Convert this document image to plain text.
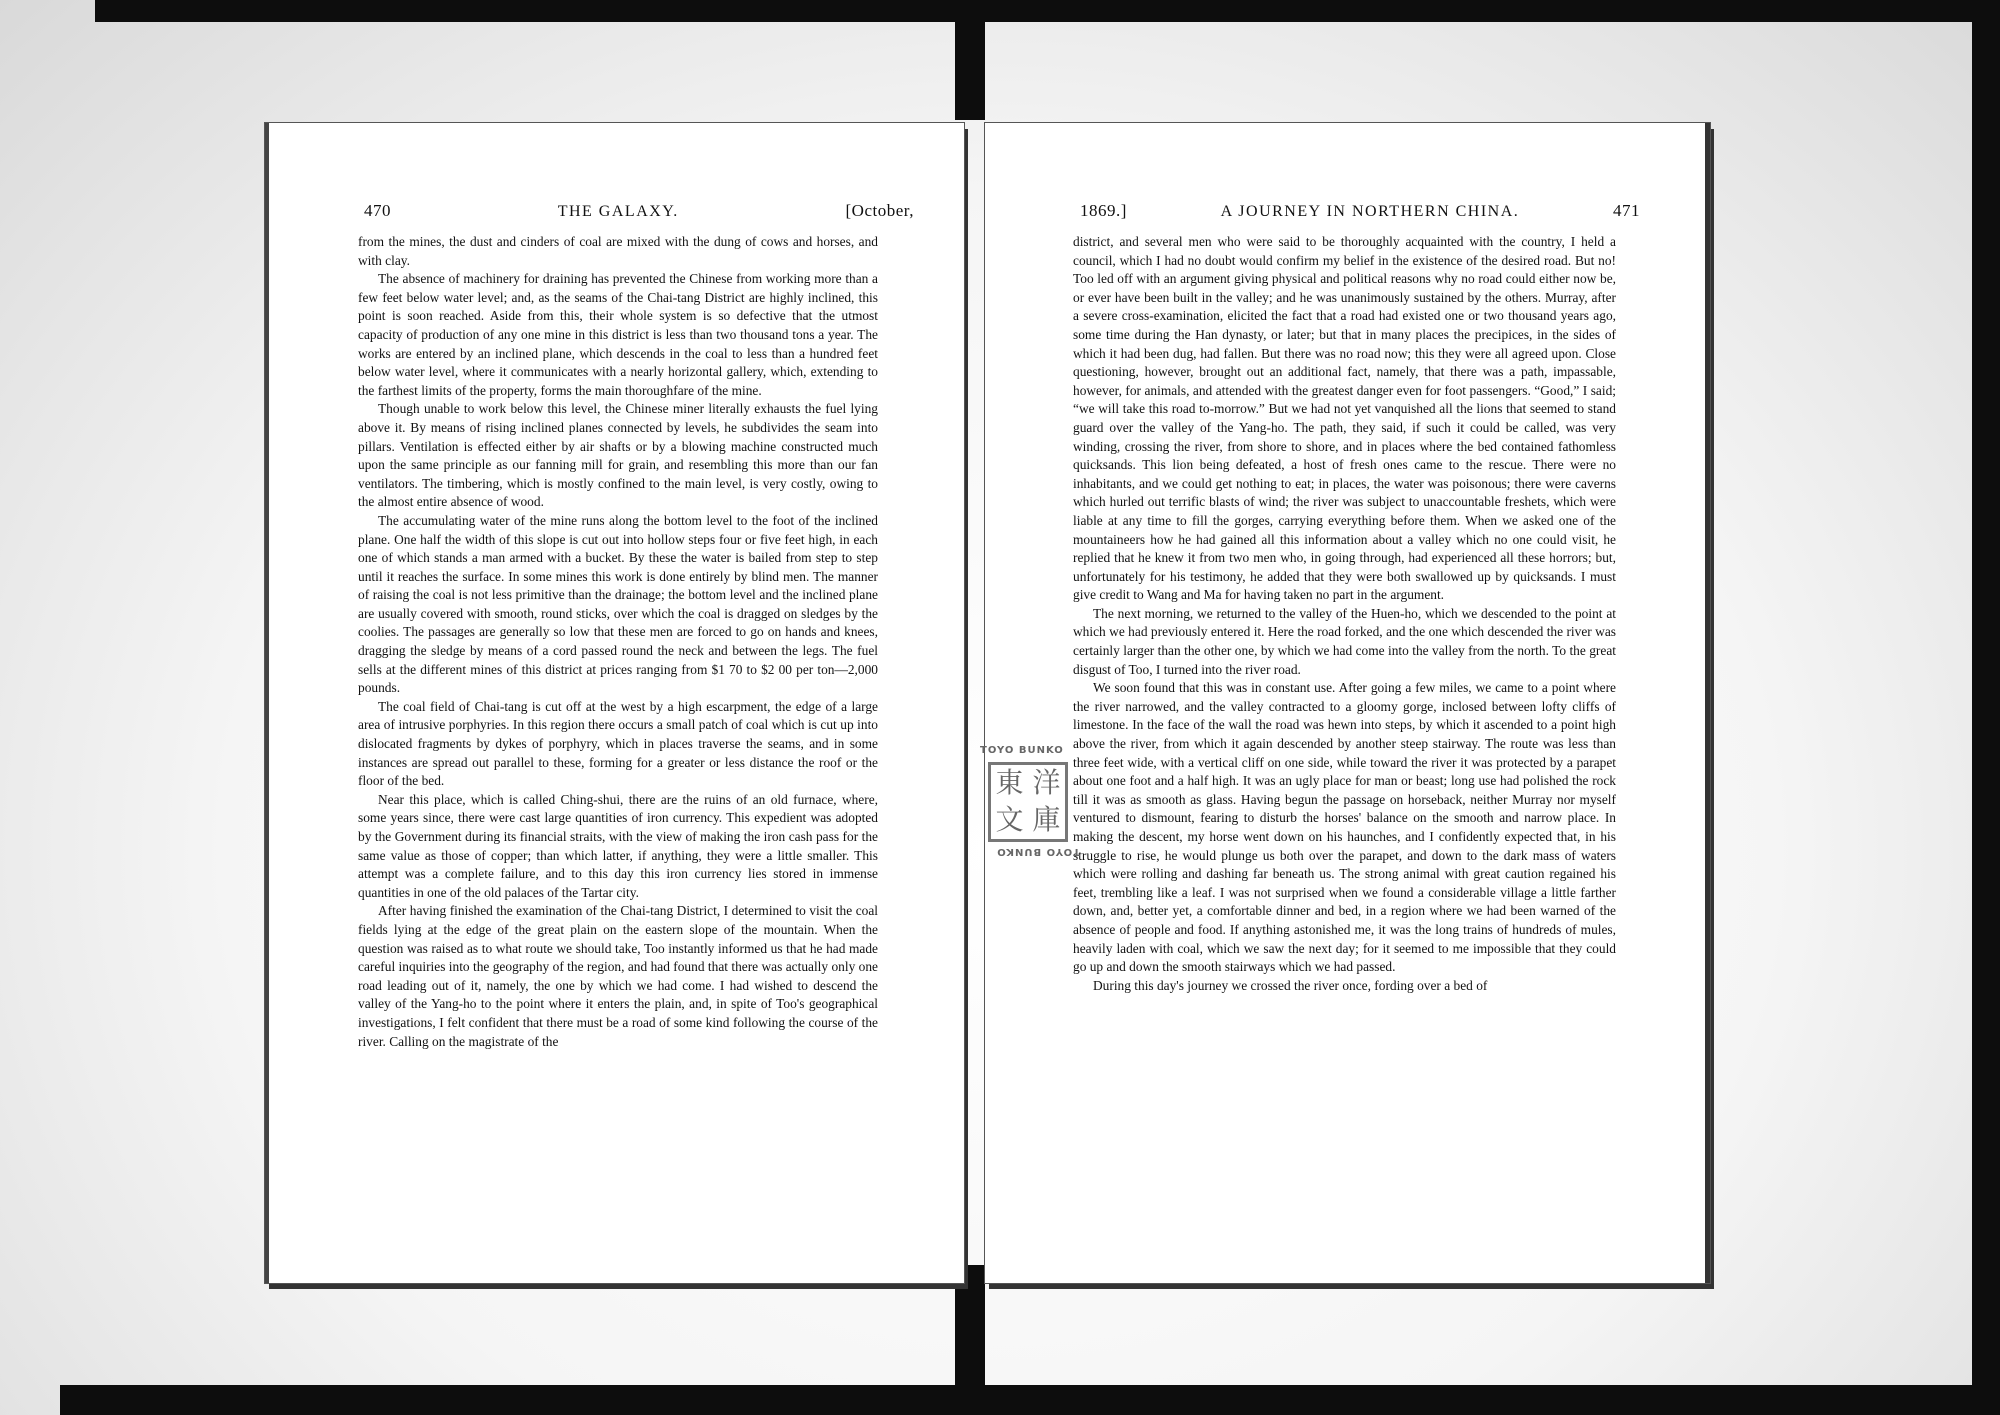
470	THE GALAXY.	[October,

from the mines, the dust and cinders of coal are mixed with the dung of cows and horses, and with clay.

The absence of machinery for draining has prevented the Chinese from working more than a few feet below water level; and, as the seams of the Chai-tang District are highly inclined, this point is soon reached. Aside from this, their whole system is so defective that the utmost capacity of production of any one mine in this district is less than two thousand tons a year. The works are entered by an inclined plane, which descends in the coal to less than a hundred feet below water level, where it communicates with a nearly horizontal gallery, which, extending to the farthest limits of the property, forms the main thoroughfare of the mine.

Though unable to work below this level, the Chinese miner literally exhausts the fuel lying above it. By means of rising inclined planes connected by levels, he subdivides the seam into pillars. Ventilation is effected either by air shafts or by a blowing machine constructed much upon the same principle as our fanning mill for grain, and resembling this more than our fan ventilators. The timbering, which is mostly confined to the main level, is very costly, owing to the almost entire absence of wood.

The accumulating water of the mine runs along the bottom level to the foot of the inclined plane. One half the width of this slope is cut out into hollow steps four or five feet high, in each one of which stands a man armed with a bucket. By these the water is bailed from step to step until it reaches the surface. In some mines this work is done entirely by blind men. The manner of raising the coal is not less primitive than the drainage; the bottom level and the inclined plane are usually covered with smooth, round sticks, over which the coal is dragged on sledges by the coolies. The passages are generally so low that these men are forced to go on hands and knees, dragging the sledge by means of a cord passed round the neck and between the legs. The fuel sells at the different mines of this district at prices ranging from $1 70 to $2 00 per ton—2,000 pounds.

The coal field of Chai-tang is cut off at the west by a high escarpment, the edge of a large area of intrusive porphyries. In this region there occurs a small patch of coal which is cut up into dislocated fragments by dykes of porphyry, which in places traverse the seams, and in some instances are spread out parallel to these, forming for a greater or less distance the roof or the floor of the bed.

Near this place, which is called Ching-shui, there are the ruins of an old furnace, where, some years since, there were cast large quantities of iron currency. This expedient was adopted by the Government during its financial straits, with the view of making the iron cash pass for the same value as those of copper; than which latter, if anything, they were a little smaller. This attempt was a complete failure, and to this day this iron currency lies stored in immense quantities in one of the old palaces of the Tartar city.

After having finished the examination of the Chai-tang District, I determined to visit the coal fields lying at the edge of the great plain on the eastern slope of the mountain. When the question was raised as to what route we should take, Too instantly informed us that he had made careful inquiries into the geography of the region, and had found that there was actually only one road leading out of it, namely, the one by which we had come. I had wished to descend the valley of the Yang-ho to the point where it enters the plain, and, in spite of Too's geographical investigations, I felt confident that there must be a road of some kind following the course of the river. Calling on the magistrate of the

1869.]	A JOURNEY IN NORTHERN CHINA.	471

district, and several men who were said to be thoroughly acquainted with the country, I held a council, which I had no doubt would confirm my belief in the existence of the desired road. But no! Too led off with an argument giving physical and political reasons why no road could either now be, or ever have been built in the valley; and he was unanimously sustained by the others. Murray, after a severe cross-examination, elicited the fact that a road had existed one or two thousand years ago, some time during the Han dynasty, or later; but that in many places the precipices, in the sides of which it had been dug, had fallen. But there was no road now; this they were all agreed upon. Close questioning, however, brought out an additional fact, namely, that there was a path, impassable, however, for animals, and attended with the greatest danger even for foot passengers. “Good,” I said; “we will take this road to-morrow.” But we had not yet vanquished all the lions that seemed to stand guard over the valley of the Yang-ho. The path, they said, if such it could be called, was very winding, crossing the river, from shore to shore, and in places where the bed contained fathomless quicksands. This lion being defeated, a host of fresh ones came to the rescue. There were no inhabitants, and we could get nothing to eat; in places, the water was poisonous; there were caverns which hurled out terrific blasts of wind; the river was subject to unaccountable freshets, which were liable at any time to fill the gorges, carrying everything before them. When we asked one of the mountaineers how he had gained all this information about a valley which no one could visit, he replied that he knew it from two men who, in going through, had experienced all these horrors; but, unfortunately for his testimony, he added that they were both swallowed up by quicksands. I must give credit to Wang and Ma for having taken no part in the argument.

The next morning, we returned to the valley of the Huen-ho, which we descended to the point at which we had previously entered it. Here the road forked, and the one which descended the river was certainly larger than the other one, by which we had come into the valley from the north. To the great disgust of Too, I turned into the river road.

We soon found that this was in constant use. After going a few miles, we came to a point where the river narrowed, and the valley contracted to a gloomy gorge, inclosed between lofty cliffs of limestone. In the face of the wall the road was hewn into steps, by which it ascended to a point high above the river, from which it again descended by another steep stairway. The route was less than three feet wide, with a vertical cliff on one side, while toward the river it was protected by a parapet about one foot and a half high. It was an ugly place for man or beast; long use had polished the rock till it was as smooth as glass. Having begun the passage on horseback, neither Murray nor myself ventured to dismount, fearing to disturb the horses' balance on the smooth and narrow place. In making the descent, my horse went down on his haunches, and I confidently expected that, in his struggle to rise, he would plunge us both over the parapet, and down to the dark mass of waters which were rolling and dashing far beneath us. The strong animal with great caution regained his feet, trembling like a leaf. I was not surprised when we found a considerable village a little farther down, and, better yet, a comfortable dinner and bed, in a region where we had been warned of the absence of people and food. If anything astonished me, it was the long trains of hundreds of mules, heavily laden with coal, which we saw the next day; for it seemed to me impossible that they could go up and down the smooth stairways which we had passed.

During this day's journey we crossed the river once, fording over a bed of

TOYO BUNKO
東 洋
文 庫
TOYO BUNKO
